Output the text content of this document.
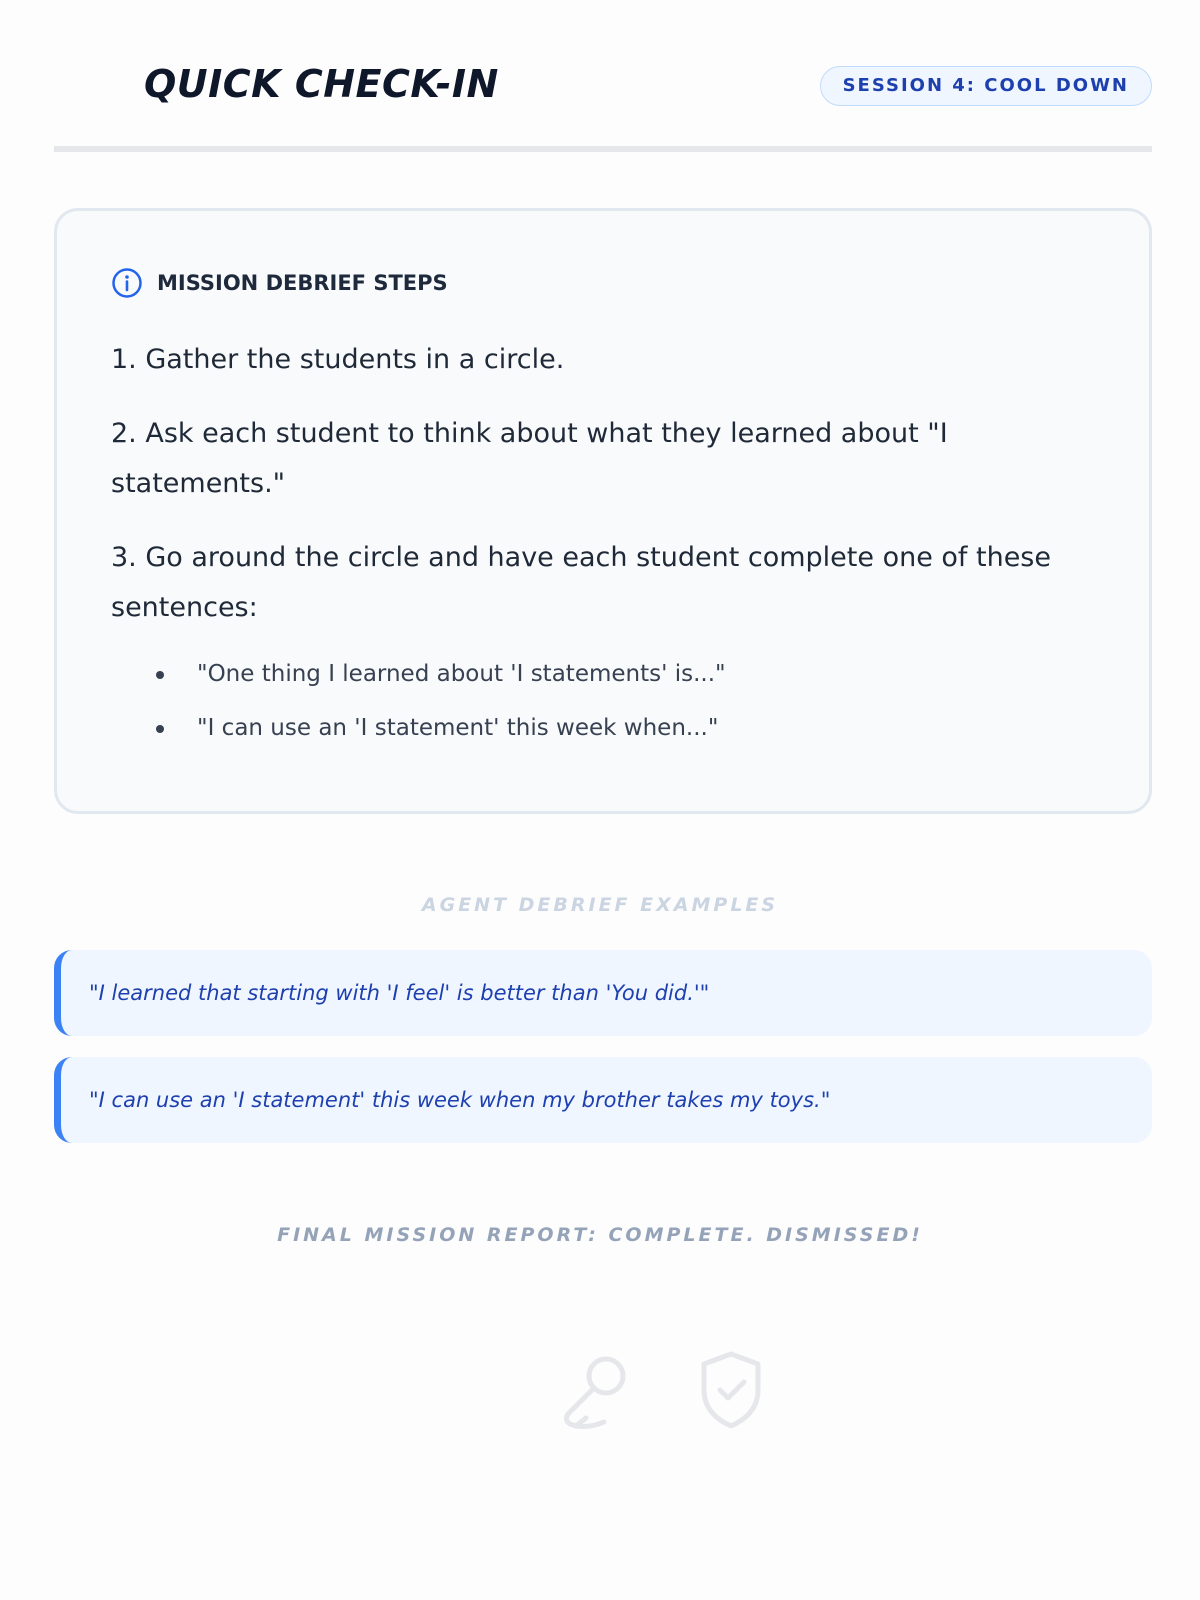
QUICK CHECK-IN	SESSION 4: COOL DOWN
MISSION DEBRIEF STEPS
1. Gather the students in a circle.
2. Ask each student to think about what they learned about "I statements."
3. Go around the circle and have each student complete one of these sentences:
"One thing I learned about 'I statements' is..."
"I can use an 'I statement' this week when..."
AGENT DEBRIEF EXAMPLES
"I learned that starting with 'I feel' is better than 'You did.'"
"I can use an 'I statement' this week when my brother takes my toys."
FINAL MISSION REPORT: COMPLETE. DISMISSED!
